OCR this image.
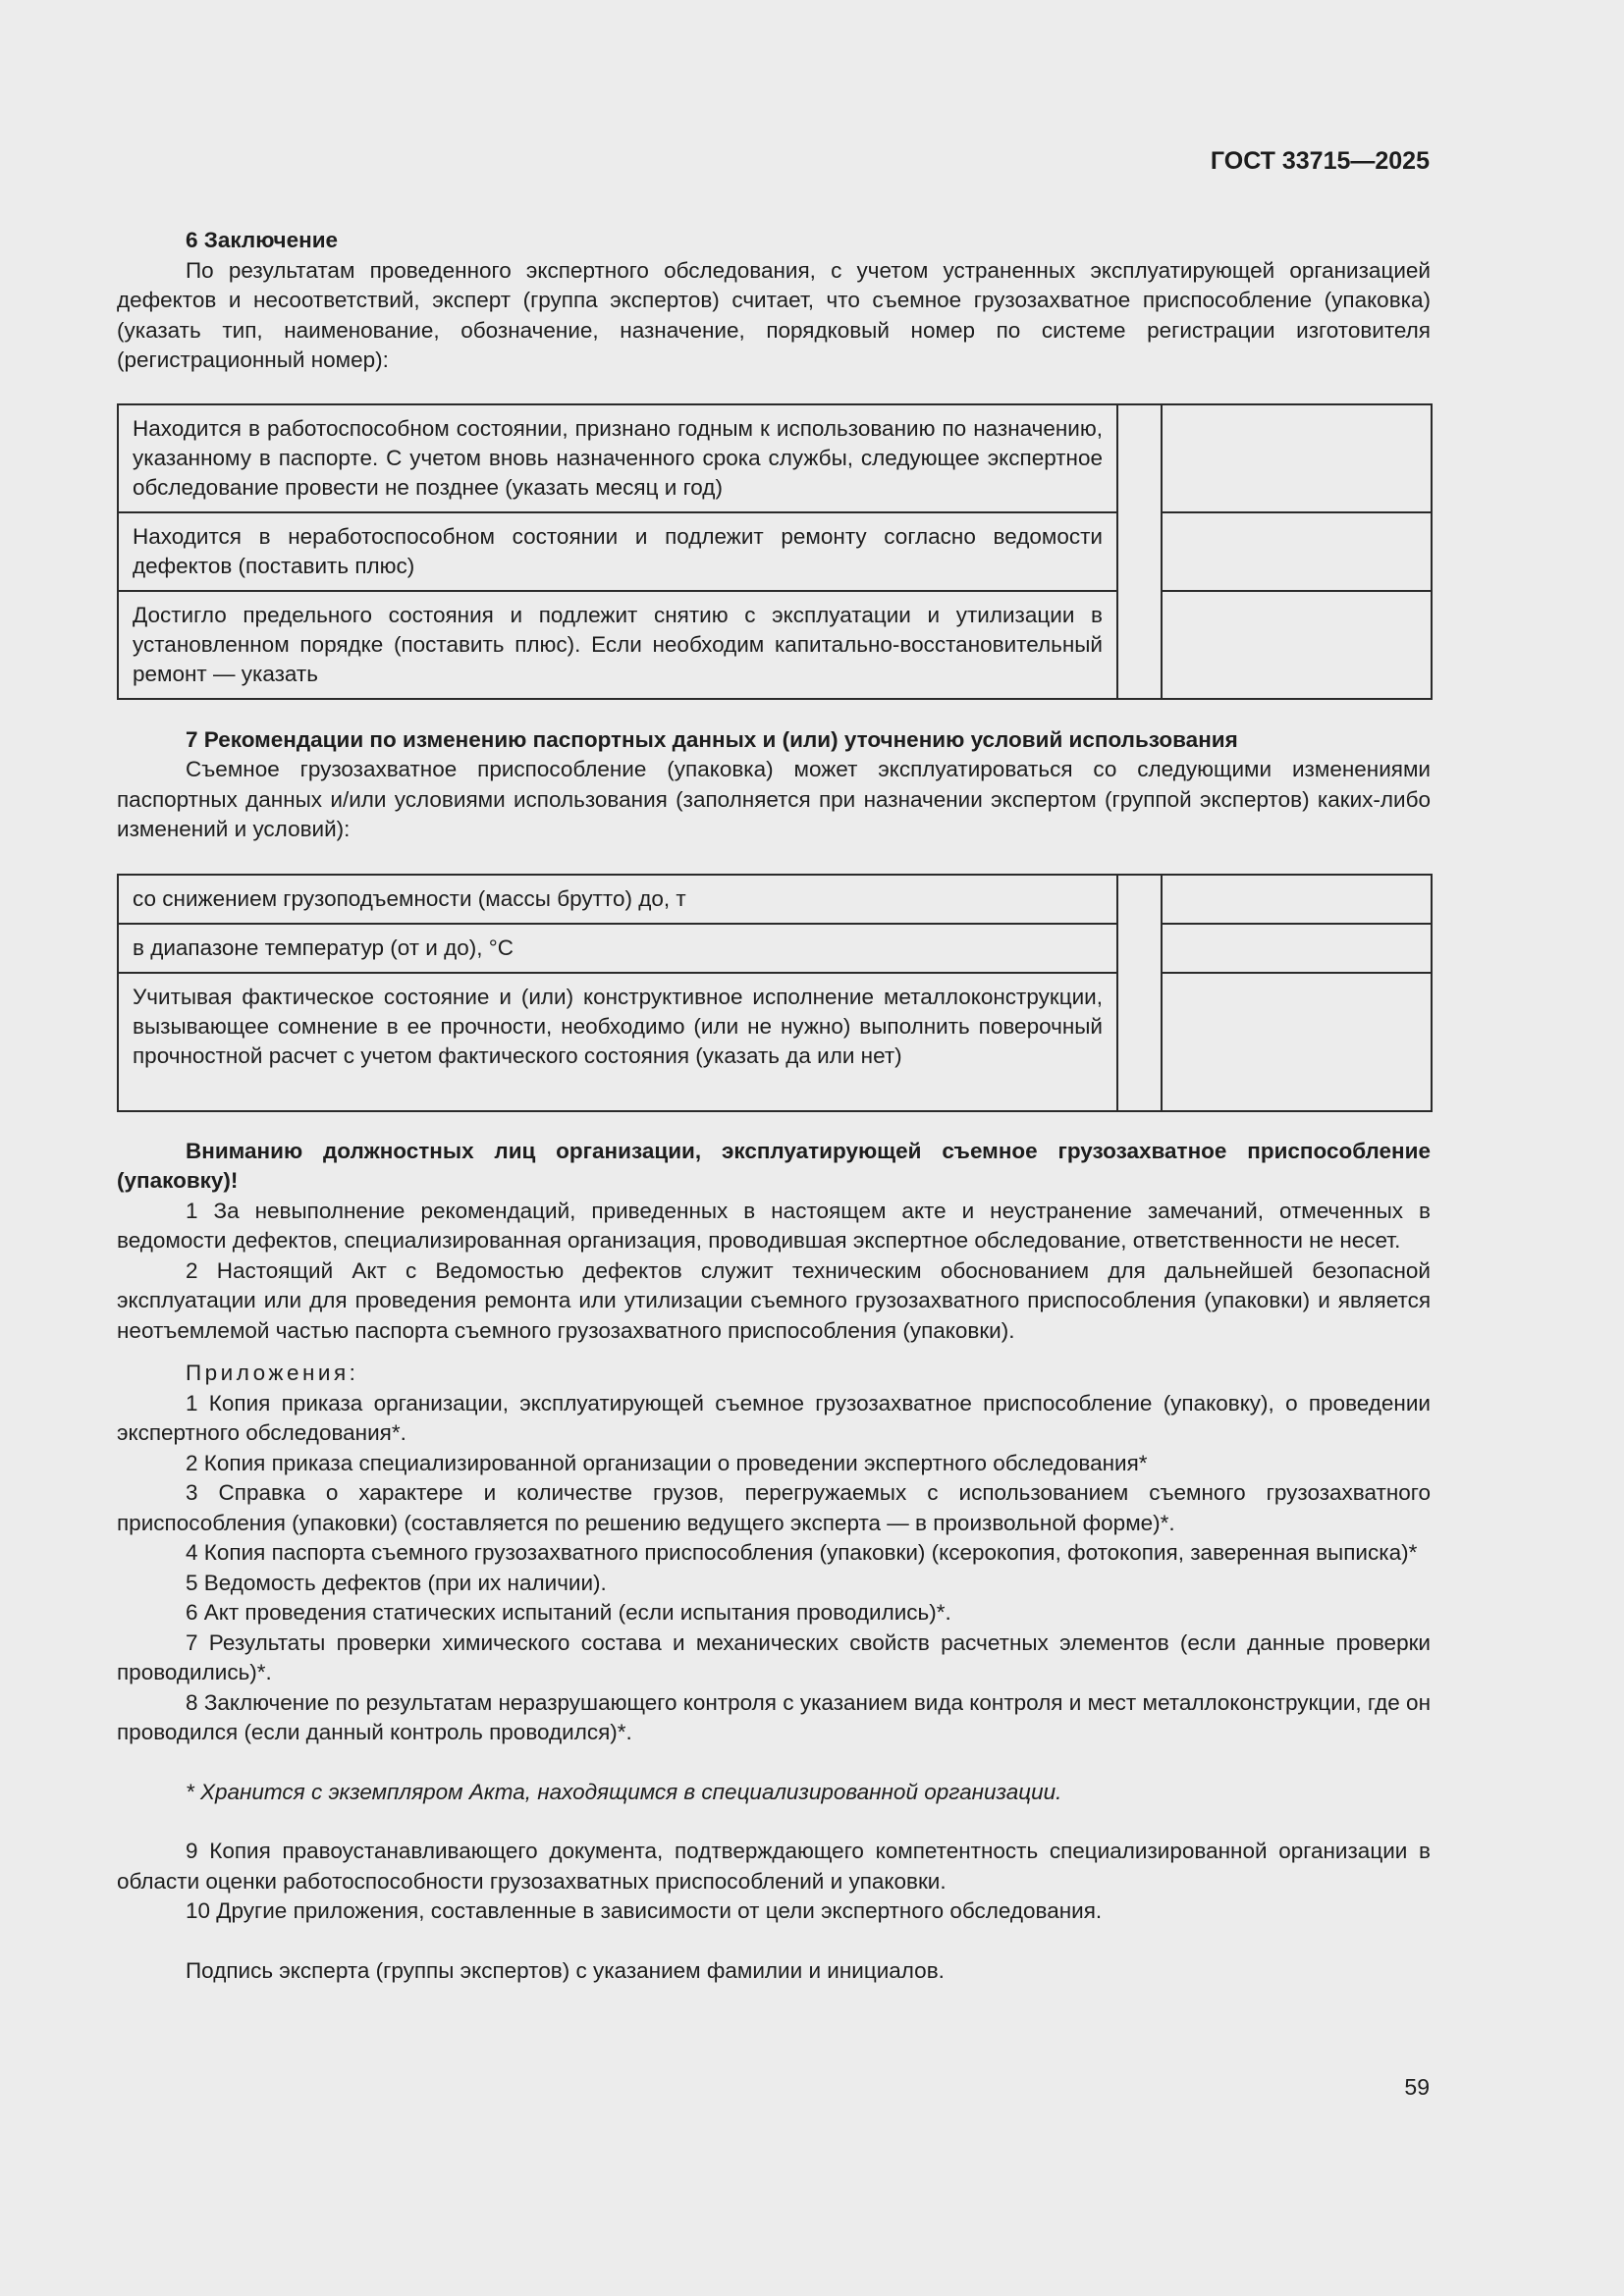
ГОСТ 33715—2025

6 Заключение

По результатам проведенного экспертного обследования, с учетом устраненных эксплуатирующей организацией дефектов и несоответствий, эксперт (группа экспертов) считает, что съемное грузозахватное приспособление (упаковка) (указать тип, наименование, обозначение, назначение, порядковый номер по системе регистрации изготовителя (регистрационный номер):

Находится в работоспособном состоянии, признано годным к использованию по назначению, указанному в паспорте. С учетом вновь назначенного срока службы, следующее экспертное обследование провести не позднее (указать месяц и год)		
Находится в неработоспособном состоянии и подлежит ремонту согласно ведомости дефектов (поставить плюс)		
Достигло предельного состояния и подлежит снятию с эксплуатации и утилизации в установленном порядке (поставить плюс). Если необходим капитально-восстановительный ремонт — указать		

7 Рекомендации по изменению паспортных данных и (или) уточнению условий использования

Съемное грузозахватное приспособление (упаковка) может эксплуатироваться со следующими изменениями паспортных данных и/или условиями использования (заполняется при назначении экспертом (группой экспертов) каких-либо изменений и условий):

со снижением грузоподъемности (массы брутто) до, т		
в диапазоне температур (от и до), °С		
Учитывая фактическое состояние и (или) конструктивное исполнение металлоконструкции, вызывающее сомнение в ее прочности, необходимо (или не нужно) выполнить поверочный прочностной расчет с учетом фактического состояния (указать да или нет)		

Вниманию должностных лиц организации, эксплуатирующей съемное грузозахватное приспособление (упаковку)!

1 За невыполнение рекомендаций, приведенных в настоящем акте и неустранение замечаний, отмеченных в ведомости дефектов, специализированная организация, проводившая экспертное обследование, ответственности не несет.

2 Настоящий Акт с Ведомостью дефектов служит техническим обоснованием для дальнейшей безопасной эксплуатации или для проведения ремонта или утилизации съемного грузозахватного приспособления (упаковки) и является неотъемлемой частью паспорта съемного грузозахватного приспособления (упаковки).

Приложения:

1 Копия приказа организации, эксплуатирующей съемное грузозахватное приспособление (упаковку), о проведении экспертного обследования*.

2 Копия приказа специализированной организации о проведении экспертного обследования*

3 Справка о характере и количестве грузов, перегружаемых с использованием съемного грузозахватного приспособления (упаковки) (составляется по решению ведущего эксперта — в произвольной форме)*.

4 Копия паспорта съемного грузозахватного приспособления (упаковки) (ксерокопия, фотокопия, заверенная выписка)*

5 Ведомость дефектов (при их наличии).

6 Акт проведения статических испытаний (если испытания проводились)*.

7 Результаты проверки химического состава и механических свойств расчетных элементов (если данные проверки проводились)*.

8 Заключение по результатам неразрушающего контроля с указанием вида контроля и мест металлоконструкции, где он проводился (если данный контроль проводился)*.

* Хранится с экземпляром Акта, находящимся в специализированной организации.

9 Копия правоустанавливающего документа, подтверждающего компетентность специализированной организации в области оценки работоспособности грузозахватных приспособлений и упаковки.

10 Другие приложения, составленные в зависимости от цели экспертного обследования.

Подпись эксперта (группы экспертов) с указанием фамилии и инициалов.

59
